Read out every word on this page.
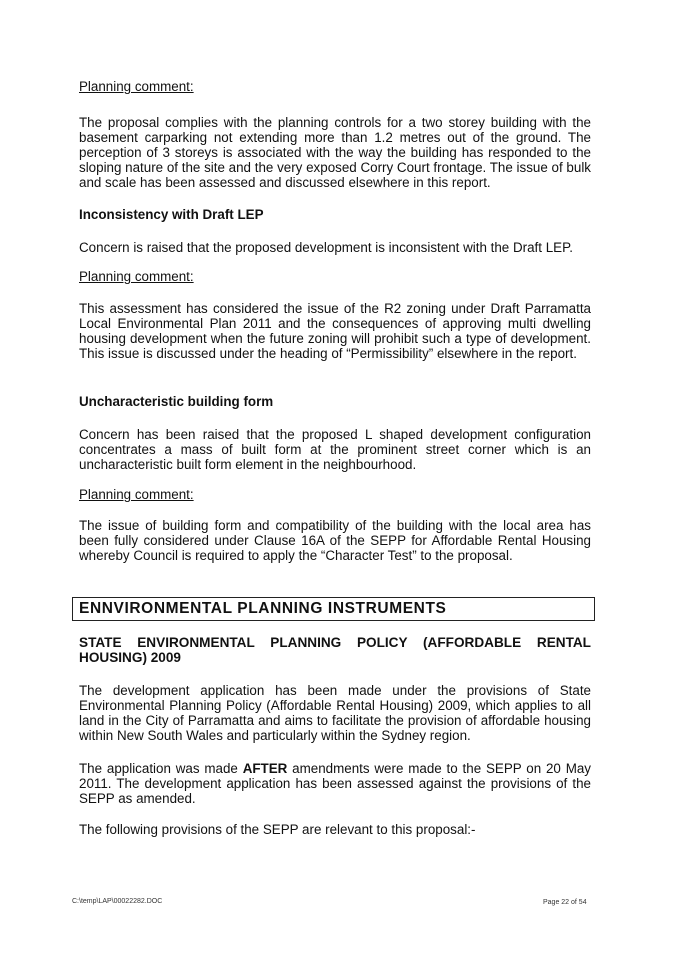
Planning comment:
The proposal complies with the planning controls for a two storey building with the basement carparking not extending more than 1.2 metres out of the ground. The perception of 3 storeys is associated with the way the building has responded to the sloping nature of the site and the very exposed Corry Court frontage. The issue of bulk and scale has been assessed and discussed elsewhere in this report.
Inconsistency with Draft LEP
Concern is raised that the proposed development is inconsistent with the Draft LEP.
Planning comment:
This assessment has considered the issue of the R2 zoning under Draft Parramatta Local Environmental Plan 2011 and the consequences of approving multi dwelling housing development when the future zoning will prohibit such a type of development. This issue is discussed under the heading of “Permissibility” elsewhere in the report.
Uncharacteristic building form
Concern has been raised that the proposed L shaped development configuration concentrates a mass of built form at the prominent street corner which is an uncharacteristic built form element in the neighbourhood.
Planning comment:
The issue of building form and compatibility of the building with the local area has been fully considered under Clause 16A of the SEPP for Affordable Rental Housing whereby Council is required to apply the “Character Test” to the proposal.
ENNVIRONMENTAL PLANNING INSTRUMENTS
STATE ENVIRONMENTAL PLANNING POLICY (AFFORDABLE RENTAL HOUSING) 2009
The development application has been made under the provisions of State Environmental Planning Policy (Affordable Rental Housing) 2009, which applies to all land in the City of Parramatta and aims to facilitate the provision of affordable housing within New South Wales and particularly within the Sydney region.
The application was made AFTER amendments were made to the SEPP on 20 May 2011. The development application has been assessed against the provisions of the SEPP as amended.
The following provisions of the SEPP are relevant to this proposal:-
C:\temp\LAP\00022282.DOC	Page 22 of 54
